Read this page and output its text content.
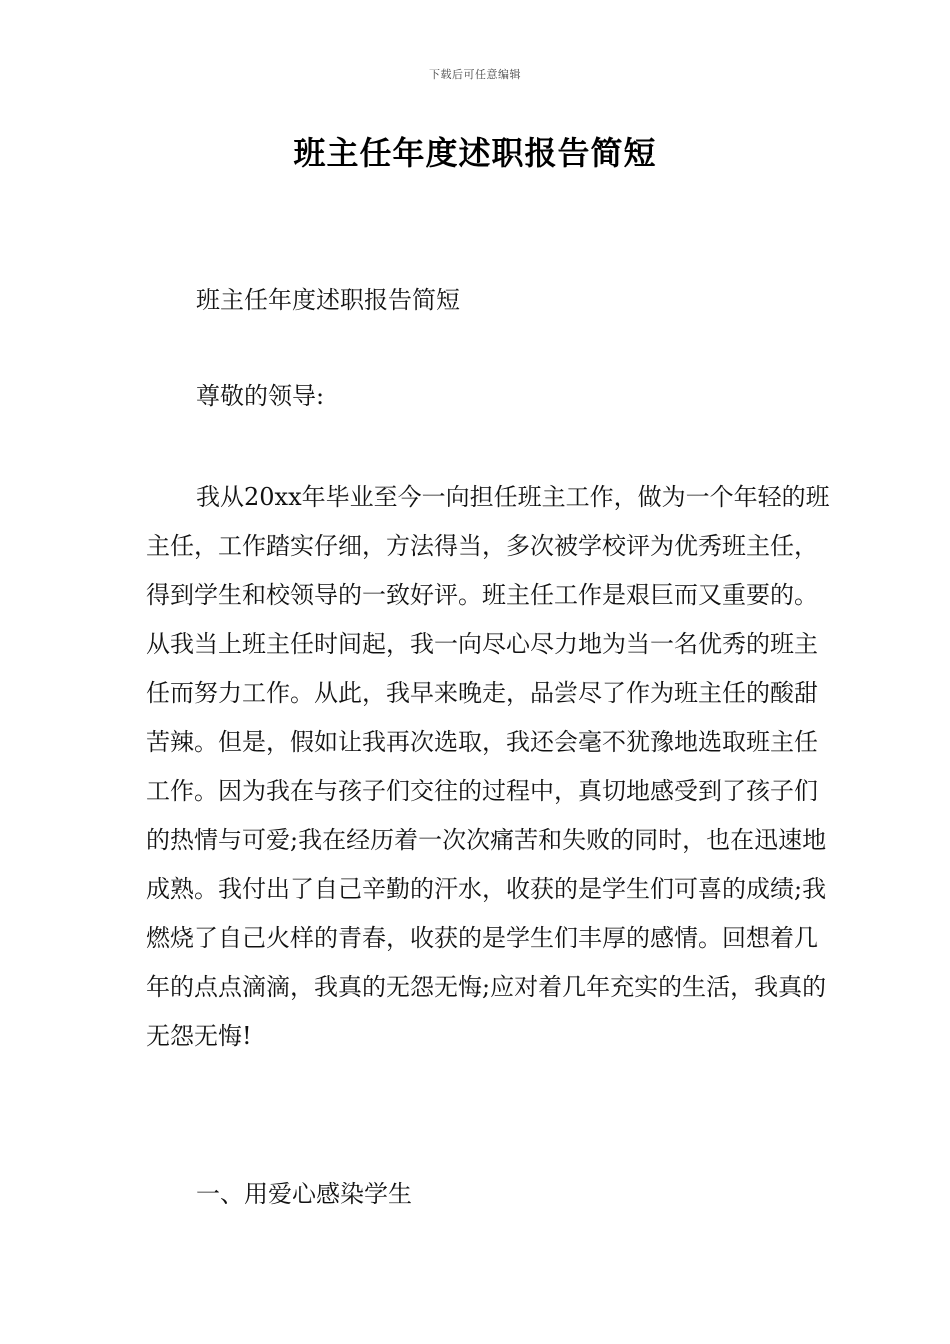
下载后可任意编辑
班主任年度述职报告简短

班主任年度述职报告简短

尊敬的领导:

我从20xx年毕业至今一向担任班主工作，做为一个年轻的班主任，工作踏实仔细，方法得当，多次被学校评为优秀班主任，得到学生和校领导的一致好评。班主任工作是艰巨而又重要的。从我当上班主任时间起，我一向尽心尽力地为当一名优秀的班主任而努力工作。从此，我早来晚走，品尝尽了作为班主任的酸甜苦辣。但是，假如让我再次选取，我还会毫不犹豫地选取班主任工作。因为我在与孩子们交往的过程中，真切地感受到了孩子们的热情与可爱;我在经历着一次次痛苦和失败的同时，也在迅速地成熟。我付出了自己辛勤的汗水，收获的是学生们可喜的成绩;我燃烧了自己火样的青春，收获的是学生们丰厚的感情。回想着几年的点点滴滴，我真的无怨无悔;应对着几年充实的生活，我真的无怨无悔!

一、用爱心感染学生
